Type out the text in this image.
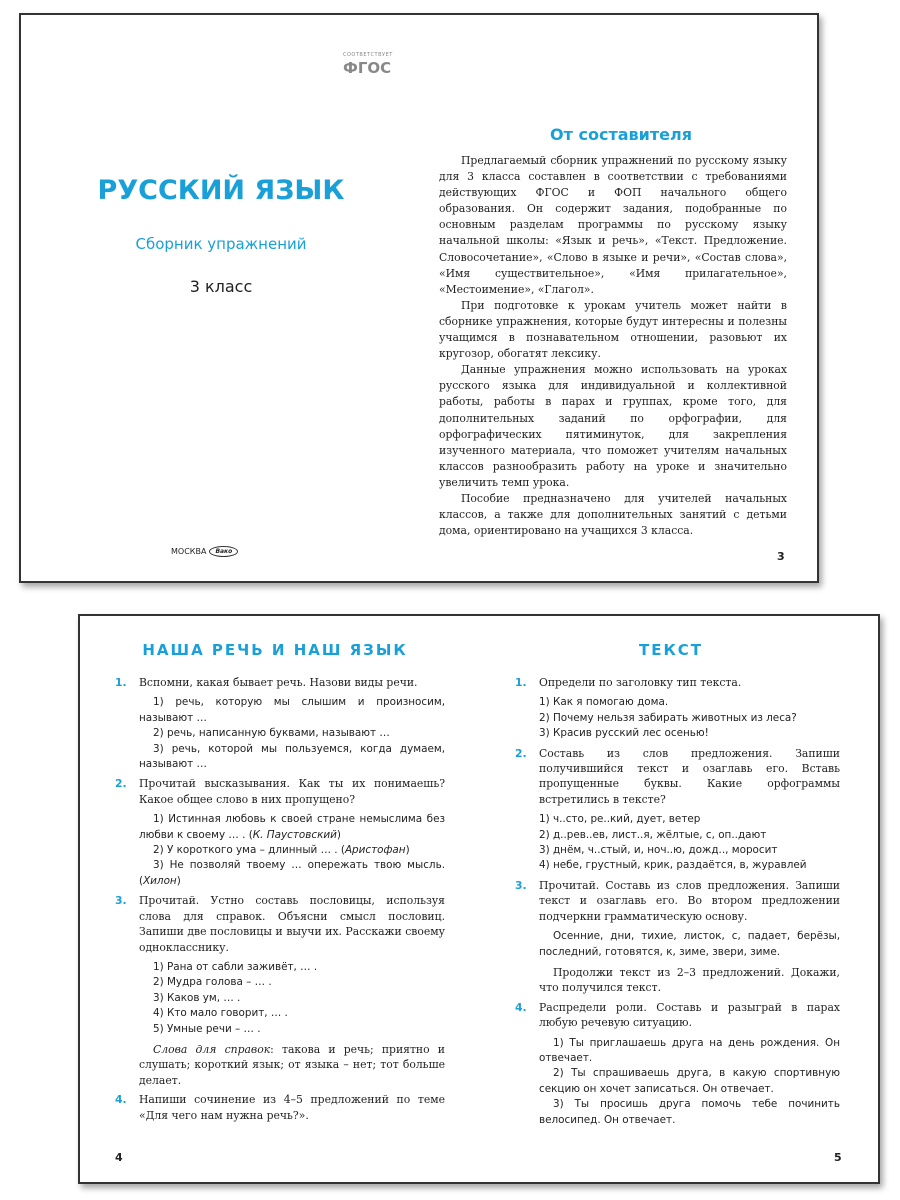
СООТВЕТСТВУЕТ
ФГОС
РУССКИЙ ЯЗЫК
Сборник упражнений
3 класс
МОСКВА	Вако
От составителя

Предлагаемый сборник упражнений по русскому языку для 3 класса составлен в соответствии с требованиями действующих ФГОС и ФОП начального общего образования. Он содержит задания, подобранные по основным разделам программы по русскому языку начальной школы: «Язык и речь», «Текст. Предложение. Словосочетание», «Слово в языке и речи», «Состав слова», «Имя существительное», «Имя прилагательное», «Местоимение», «Глагол».

При подготовке к урокам учитель может найти в сборнике упражнения, которые будут интересны и полезны учащимся в познавательном отношении, разовьют их кругозор, обогатят лексику.

Данные упражнения можно использовать на уроках русского языка для индивидуальной и коллективной работы, работы в парах и группах, кроме того, для дополнительных заданий по орфографии, для орфографических пятиминуток, для закрепления изученного материала, что поможет учителям начальных классов разнообразить работу на уроке и значительно увеличить темп урока.

Пособие предназначено для учителей начальных классов, а также для дополнительных занятий с детьми дома, ориентировано на учащихся 3 класса.

3
НАША РЕЧЬ И НАШ ЯЗЫК	ТЕКСТ
1. Вспомни, какая бывает речь. Назови виды речи.
1) речь, которую мы слышим и произносим, называют …
2) речь, написанную буквами, называют …
3) речь, которой мы пользуемся, когда думаем, называют …
2. Прочитай высказывания. Как ты их понимаешь? Какое общее слово в них пропущено?
1) Истинная любовь к своей стране немыслима без любви к своему … . (К. Паустовский)
2) У короткого ума – длинный … . (Аристофан)
3) Не позволяй твоему … опережать твою мысль. (Хилон)
3. Прочитай. Устно составь пословицы, используя слова для справок. Объясни смысл пословиц. Запиши две пословицы и выучи их. Расскажи своему однокласснику.
1) Рана от сабли заживёт, … .
2) Мудра голова – … .
3) Каков ум, … .
4) Кто мало говорит, … .
5) Умные речи – … .
Слова для справок: такова и речь; приятно и слушать; короткий язык; от языка – нет; тот больше делает.
4. Напиши сочинение из 4–5 предложений по теме «Для чего нам нужна речь?».
1. Определи по заголовку тип текста.
1) Как я помогаю дома.
2) Почему нельзя забирать животных из леса?
3) Красив русский лес осенью!
2. Составь из слов предложения. Запиши получившийся текст и озаглавь его. Вставь пропущенные буквы. Какие орфограммы встретились в тексте?
1) ч..сто, ре..кий, дует, ветер
2) д..рев..ев, лист..я, жёлтые, с, оп..дают
3) днём, ч..стый, и, ноч..ю, дожд.., моросит
4) небе, грустный, крик, раздаётся, в, журавлей
3. Прочитай. Составь из слов предложения. Запиши текст и озаглавь его. Во втором предложении подчеркни грамматическую основу.
Осенние, дни, тихие, листок, с, падает, берёзы, последний, готовятся, к, зиме, звери, зиме.
Продолжи текст из 2–3 предложений. Докажи, что получился текст.
4. Распредели роли. Составь и разыграй в парах любую речевую ситуацию.
1) Ты приглашаешь друга на день рождения. Он отвечает.
2) Ты спрашиваешь друга, в какую спортивную секцию он хочет записаться. Он отвечает.
3) Ты просишь друга помочь тебе починить велосипед. Он отвечает.
4	5
